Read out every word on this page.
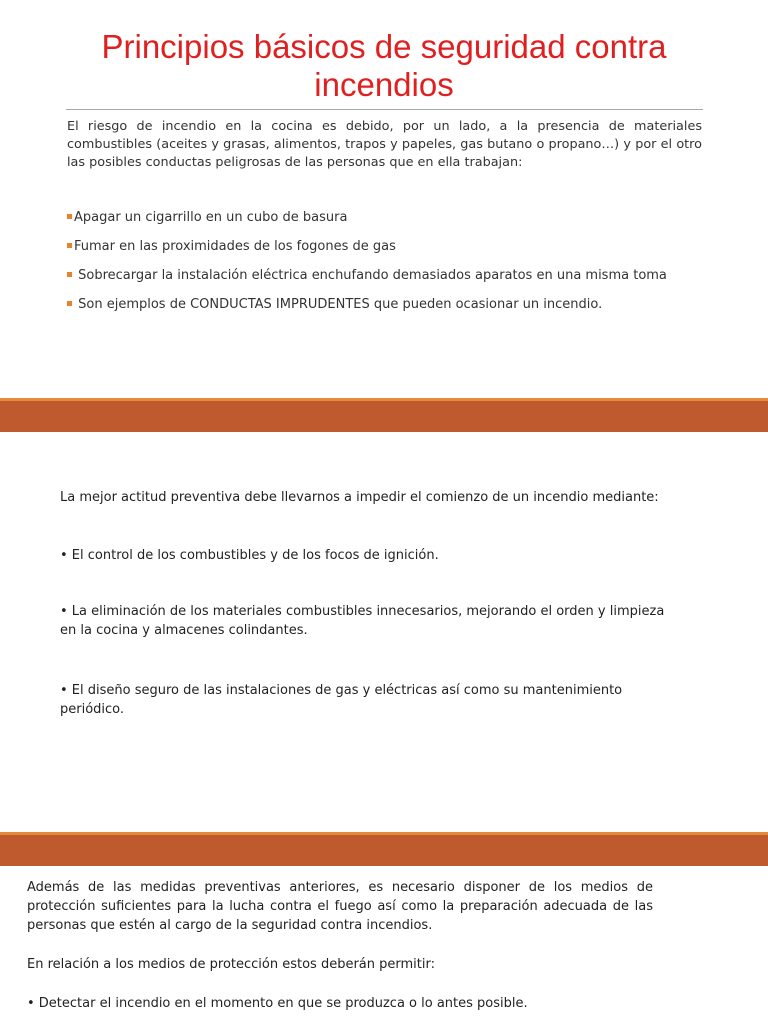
Principios básicos de seguridad contra incendios

El riesgo de incendio en la cocina es debido, por un lado, a la presencia de materiales combustibles (aceites y grasas, alimentos, trapos y papeles, gas butano o propano…) y por el otro las posibles conductas peligrosas de las personas que en ella trabajan:

Apagar un cigarrillo en un cubo de basura
Fumar en las proximidades de los fogones de gas
Sobrecargar la instalación eléctrica enchufando demasiados aparatos en una misma toma
Son ejemplos de CONDUCTAS IMPRUDENTES que pueden ocasionar un incendio.

La mejor actitud preventiva debe llevarnos a impedir el comienzo de un incendio mediante:

• El control de los combustibles y de los focos de ignición.

• La eliminación de los materiales combustibles innecesarios, mejorando el orden y limpieza en la cocina y almacenes colindantes.

• El diseño seguro de las instalaciones de gas y eléctricas así como su mantenimiento periódico.

Además de las medidas preventivas anteriores, es necesario disponer de los medios de protección suficientes para la lucha contra el fuego así como la preparación adecuada de las personas que estén al cargo de la seguridad contra incendios.

En relación a los medios de protección estos deberán permitir:

• Detectar el incendio en el momento en que se produzca o lo antes posible.
